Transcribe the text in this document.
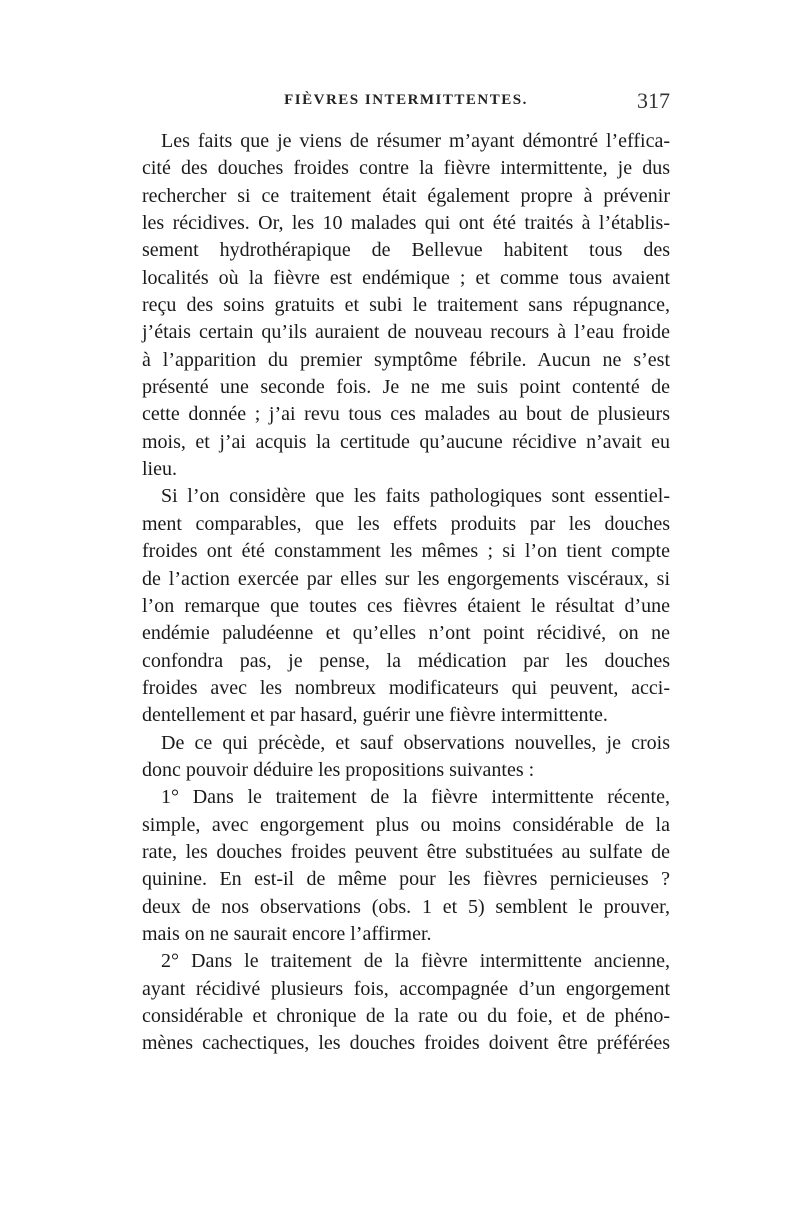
FIÈVRES INTERMITTENTES.	317
Les faits que je viens de résumer m’ayant démontré l’effica-
cité des douches froides contre la fièvre intermittente, je dus
rechercher si ce traitement était également propre à prévenir
les récidives. Or, les 10 malades qui ont été traités à l’établis-
sement hydrothérapique de Bellevue habitent tous des
localités où la fièvre est endémique ; et comme tous avaient
reçu des soins gratuits et subi le traitement sans répugnance,
j’étais certain qu’ils auraient de nouveau recours à l’eau froide
à l’apparition du premier symptôme fébrile. Aucun ne s’est
présenté une seconde fois. Je ne me suis point contenté de
cette donnée ; j’ai revu tous ces malades au bout de plusieurs
mois, et j’ai acquis la certitude qu’aucune récidive n’avait eu
lieu.
Si l’on considère que les faits pathologiques sont essentiel-
ment comparables, que les effets produits par les douches
froides ont été constamment les mêmes ; si l’on tient compte
de l’action exercée par elles sur les engorgements viscéraux, si
l’on remarque que toutes ces fièvres étaient le résultat d’une
endémie paludéenne et qu’elles n’ont point récidivé, on ne
confondra pas, je pense, la médication par les douches
froides avec les nombreux modificateurs qui peuvent, acci-
dentellement et par hasard, guérir une fièvre intermittente.
De ce qui précède, et sauf observations nouvelles, je crois
donc pouvoir déduire les propositions suivantes :
1° Dans le traitement de la fièvre intermittente récente,
simple, avec engorgement plus ou moins considérable de la
rate, les douches froides peuvent être substituées au sulfate de
quinine. En est-il de même pour les fièvres pernicieuses ?
deux de nos observations (obs. 1 et 5) semblent le prouver,
mais on ne saurait encore l’affirmer.
2° Dans le traitement de la fièvre intermittente ancienne,
ayant récidivé plusieurs fois, accompagnée d’un engorgement
considérable et chronique de la rate ou du foie, et de phéno-
mènes cachectiques, les douches froides doivent être préférées
